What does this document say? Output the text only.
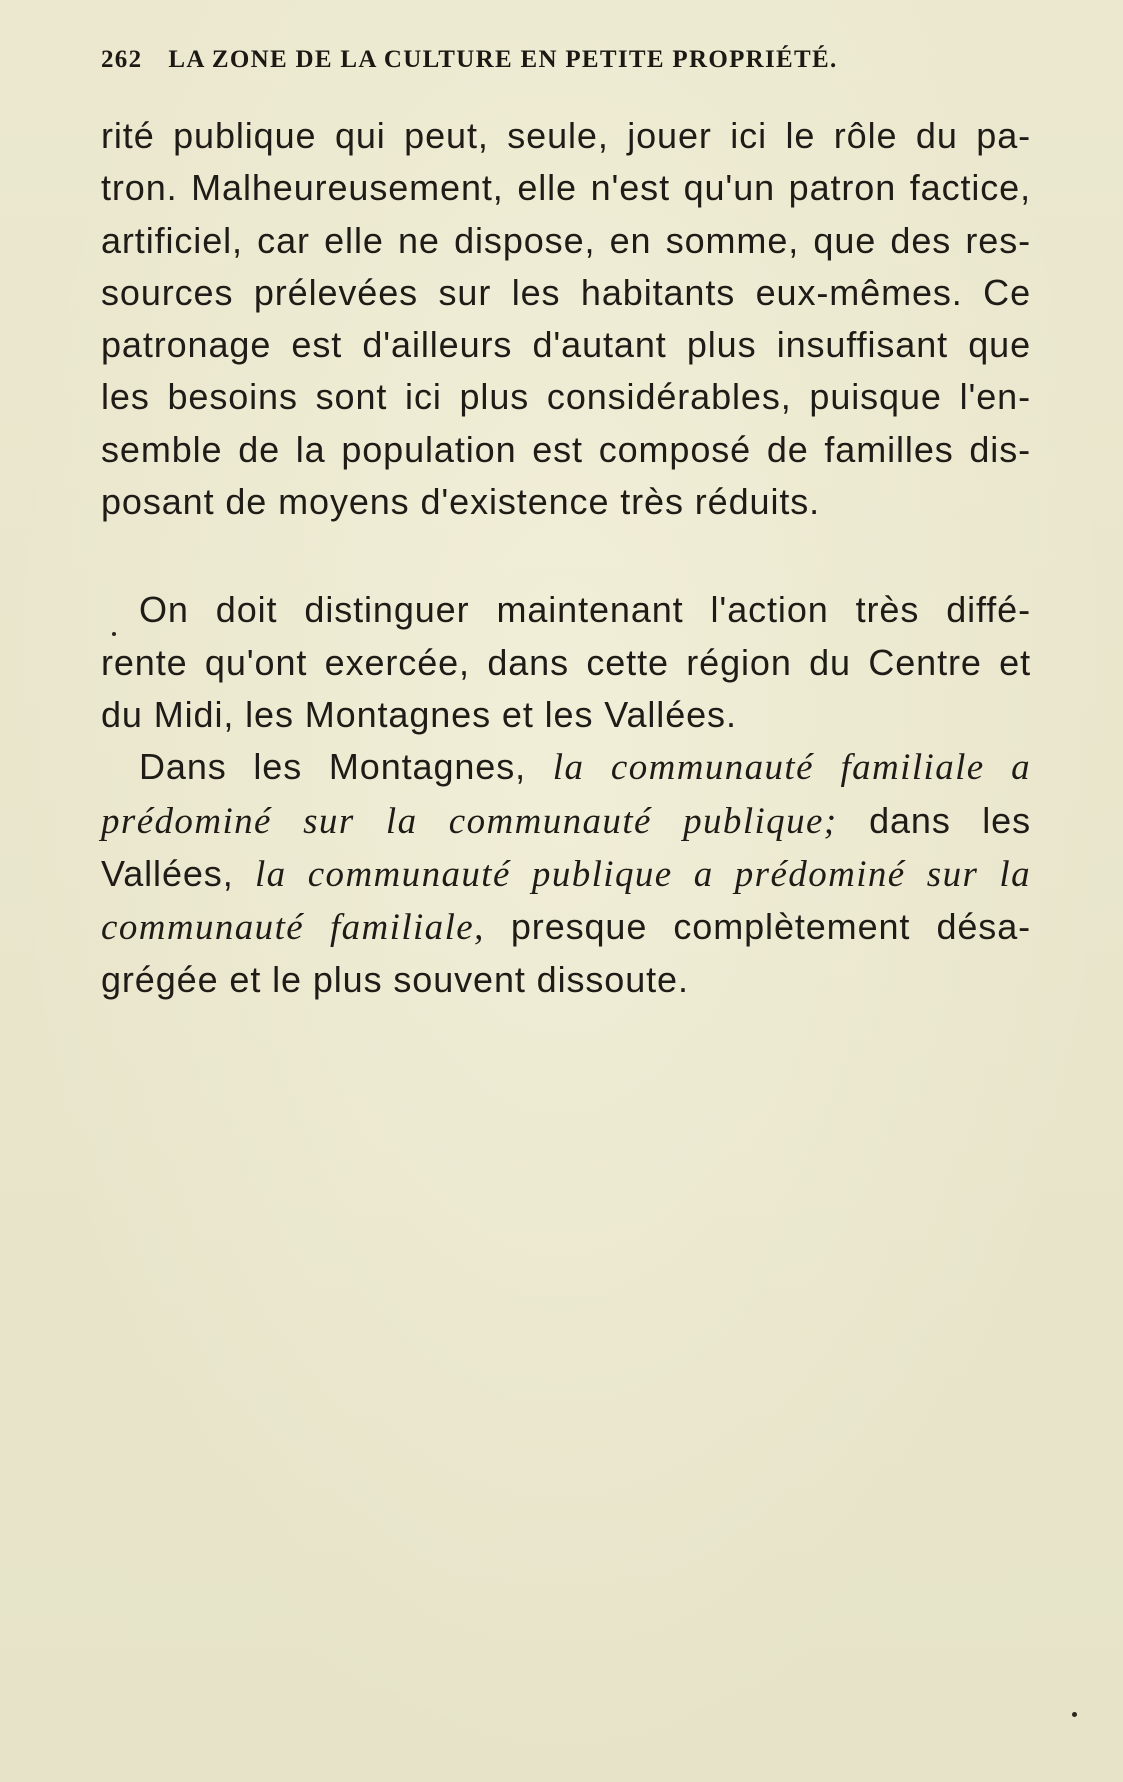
262 LA ZONE DE LA CULTURE EN PETITE PROPRIÉTÉ.
rité publique qui peut, seule, jouer ici le rôle du pa-
tron. Malheureusement, elle n'est qu'un patron factice,
artificiel, car elle ne dispose, en somme, que des res-
sources prélevées sur les habitants eux-mêmes. Ce
patronage est d'ailleurs d'autant plus insuffisant que
les besoins sont ici plus considérables, puisque l'en-
semble de la population est composé de familles dis-
posant de moyens d'existence très réduits.
On doit distinguer maintenant l'action très diffé-
rente qu'ont exercée, dans cette région du Centre et
du Midi, les Montagnes et les Vallées.
Dans les Montagnes, la communauté familiale a
prédominé sur la communauté publique; dans les
Vallées, la communauté publique a prédominé sur la
communauté familiale, presque complètement désa-
grégée et le plus souvent dissoute.
